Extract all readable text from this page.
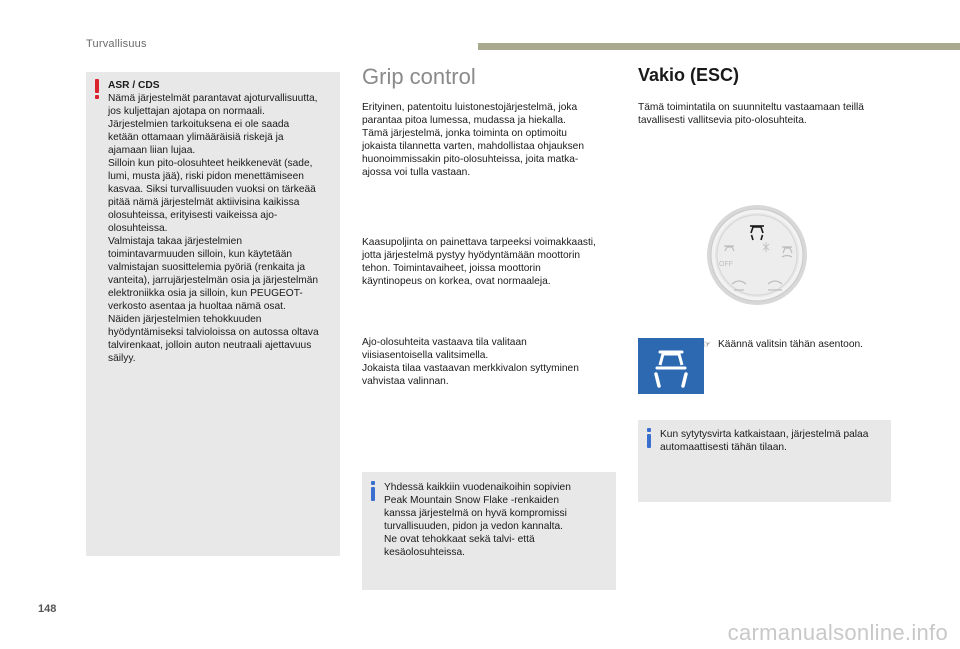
Turvallisuus
ASR / CDS
Nämä järjestelmät parantavat ajoturvallisuutta,
jos kuljettajan ajotapa on normaali.
Järjestelmien tarkoituksena ei ole saada
ketään ottamaan ylimääräisiä riskejä ja
ajamaan liian lujaa.
Silloin kun pito-olosuhteet heikkenevät (sade,
lumi, musta jää), riski pidon menettämiseen
kasvaa. Siksi turvallisuuden vuoksi on tärkeää
pitää nämä järjestelmät aktiivisina kaikissa
olosuhteissa, erityisesti vaikeissa ajo-
olosuhteissa.
Valmistaja takaa järjestelmien
toimintavarmuuden silloin, kun käytetään
valmistajan suosittelemia pyöriä (renkaita ja
vanteita), jarrujärjestelmän osia ja järjestelmän
elektroniikka osia ja silloin, kun PEUGEOT-
verkosto asentaa ja huoltaa nämä osat.
Näiden järjestelmien tehokkuuden
hyödyntämiseksi talvioloissa on autossa oltava
talvirenkaat, jolloin auton neutraali ajettavuus
säilyy.
Grip control
Erityinen, patentoitu luistonestojärjestelmä, joka
parantaa pitoa lumessa, mudassa ja hiekalla.
Tämä järjestelmä, jonka toiminta on optimoitu
jokaista tilannetta varten, mahdollistaa ohjauksen
huonoimmissakin pito-olosuhteissa, joita matka-
ajossa voi tulla vastaan.
Kaasupoljinta on painettava tarpeeksi voimakkaasti,
jotta järjestelmä pystyy hyödyntämään moottorin
tehon. Toimintavaiheet, joissa moottorin
käyntinopeus on korkea, ovat normaaleja.
Ajo-olosuhteita vastaava tila valitaan
viisiasentoisella valitsimella.
Jokaista tilaa vastaavan merkkivalon syttyminen
vahvistaa valinnan.
Yhdessä kaikkiin vuodenaikoihin sopivien
Peak Mountain Snow Flake -renkaiden
kanssa järjestelmä on hyvä kompromissi
turvallisuuden, pidon ja vedon kannalta.
Ne ovat tehokkaat sekä talvi- että
kesäolosuhteissa.
Vakio (ESC)
Tämä toimintatila on suunniteltu vastaamaan teillä
tavallisesti vallitsevia pito-olosuhteita.
OFF
☞ Käännä valitsin tähän asentoon.
Kun sytytysvirta katkaistaan, järjestelmä palaa
automaattisesti tähän tilaan.
148
carmanualsonline.info
